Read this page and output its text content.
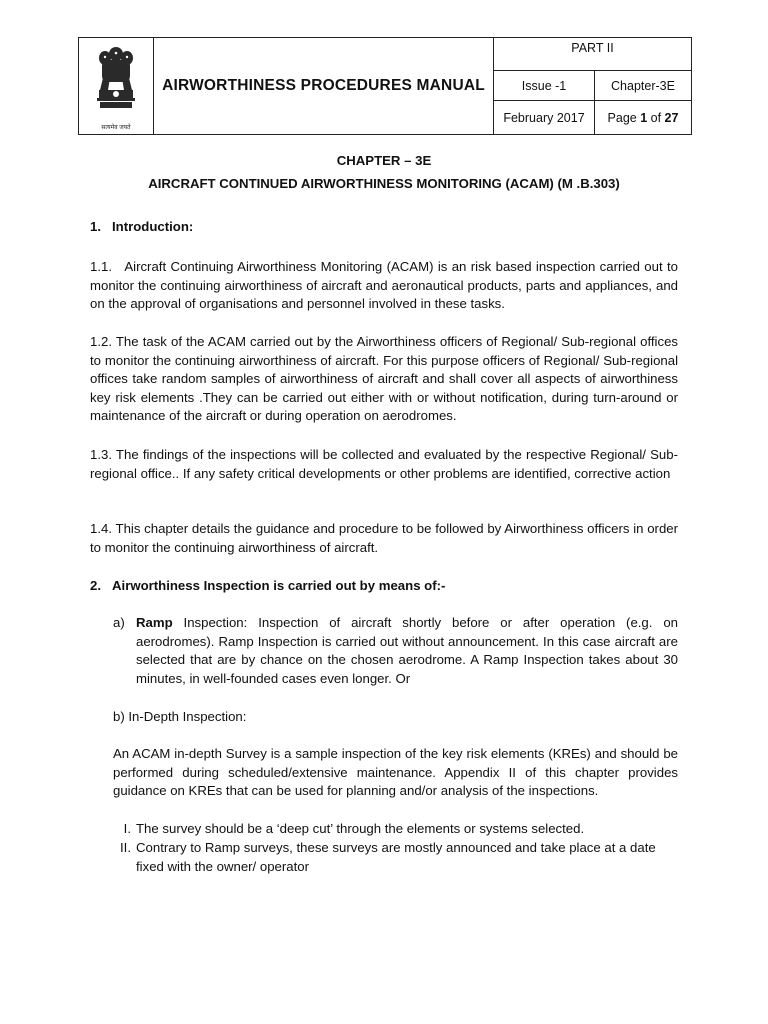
सत्यमेव जयते	AIRWORTHINESS PROCEDURES MANUAL	PART II	
		Issue -1	Chapter-3E
		February 2017	Page 1 of 27
CHAPTER – 3E
AIRCRAFT CONTINUED AIRWORTHINESS MONITORING (ACAM) (M .B.303)
1. Introduction:
1.1.   Aircraft Continuing Airworthiness Monitoring (ACAM) is an risk based inspection carried out to monitor the continuing airworthiness of aircraft and aeronautical products, parts and appliances, and on the approval of organisations and personnel involved in these tasks.
1.2. The task of the ACAM carried out by the Airworthiness officers of Regional/ Sub-regional offices to monitor the continuing airworthiness of aircraft. For this purpose officers of Regional/ Sub-regional offices take random samples of airworthiness of aircraft and shall cover all aspects of airworthiness key risk elements .They can be carried out either with or without notification, during turn-around or maintenance of the aircraft or during operation on aerodromes.
1.3. The findings of the inspections will be collected and evaluated by the respective Regional/ Sub-regional office.. If any safety critical developments or other problems are identified, corrective action
1.4. This chapter details the guidance and procedure to be followed by Airworthiness officers in order to monitor the continuing airworthiness of aircraft.
2. Airworthiness Inspection is carried out by means of:-
a) Ramp Inspection: Inspection of aircraft shortly before or after operation (e.g. on aerodromes). Ramp Inspection is carried out without announcement. In this case aircraft are selected that are by chance on the chosen aerodrome. A Ramp Inspection takes about 30 minutes, in well-founded cases even longer. Or
b) In-Depth Inspection:
An ACAM in-depth Survey is a sample inspection of the key risk elements (KREs) and should be performed during scheduled/extensive maintenance. Appendix II of this chapter provides guidance on KREs that can be used for planning and/or analysis of the inspections.
I. The survey should be a ‘deep cut’ through the elements or systems selected.
II. Contrary to Ramp surveys, these surveys are mostly announced and take place at a date fixed with the owner/ operator
